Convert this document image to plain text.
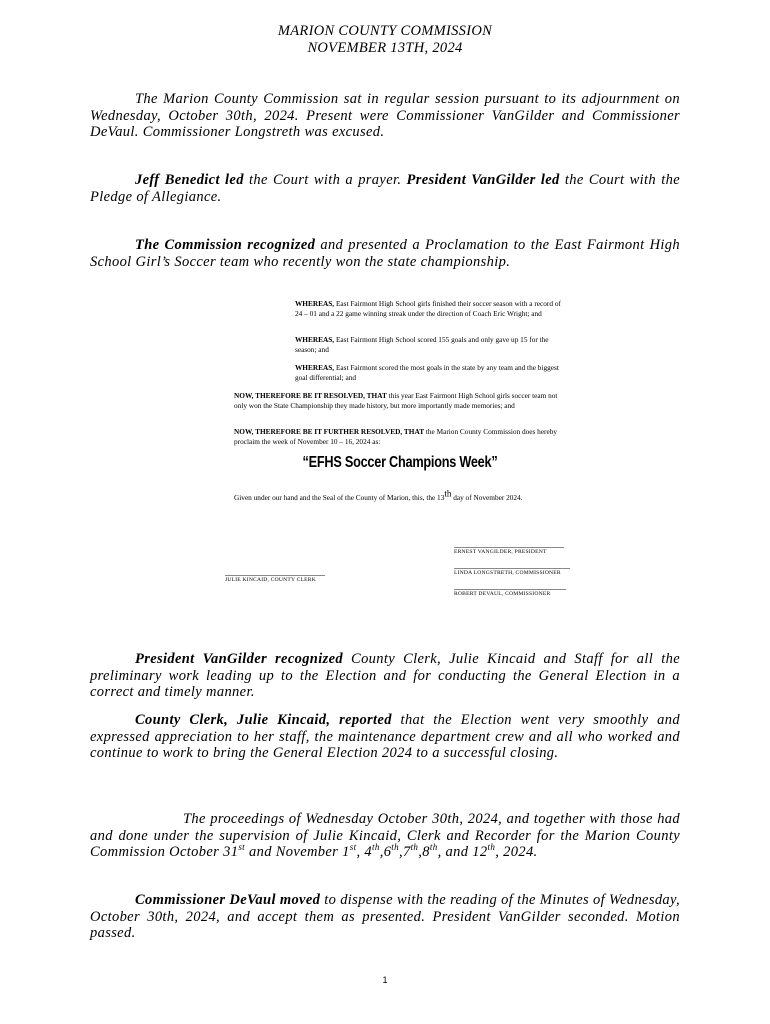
MARION COUNTY COMMISSION
NOVEMBER 13TH, 2024

The Marion County Commission sat in regular session pursuant to its adjournment on Wednesday, October 30th, 2024. Present were Commissioner VanGilder and Commissioner DeVaul. Commissioner Longstreth was excused.

Jeff Benedict led the Court with a prayer. President VanGilder led the Court with the Pledge of Allegiance.

The Commission recognized and presented a Proclamation to the East Fairmont High School Girl’s Soccer team who recently won the state championship.

WHEREAS, East Fairmont High School girls finished their soccer season with a record of 24 – 01 and a 22 game winning streak under the direction of Coach Eric Wright; and

WHEREAS, East Fairmont High School scored 155 goals and only gave up 15 for the season; and

WHEREAS, East Fairmont scored the most goals in the state by any team and the biggest goal differential; and

NOW, THEREFORE BE IT RESOLVED, THAT this year East Fairmont High School girls soccer team not only won the State Championship they made history, but more importantly made memories; and

NOW, THEREFORE BE IT FURTHER RESOLVED, THAT the Marion County Commission does hereby proclaim the week of November 10 – 16, 2024 as:

“EFHS Soccer Champions Week”

Given under our hand and the Seal of the County of Marion, this, the 13th day of November 2024.

ERNEST VANGILDER, PRESIDENT
LINDA LONGSTRETH, COMMISSIONER
JULIE KINCAID, COUNTY CLERK
ROBERT DEVAUL, COMMISSIONER

President VanGilder recognized County Clerk, Julie Kincaid and Staff for all the preliminary work leading up to the Election and for conducting the General Election in a correct and timely manner.

County Clerk, Julie Kincaid, reported that the Election went very smoothly and expressed appreciation to her staff, the maintenance department crew and all who worked and continue to work to bring the General Election 2024 to a successful closing.

The proceedings of Wednesday October 30th, 2024, and together with those had and done under the supervision of Julie Kincaid, Clerk and Recorder for the Marion County Commission October 31st and November 1st, 4th,6th,7th,8th, and 12th, 2024.

Commissioner DeVaul moved to dispense with the reading of the Minutes of Wednesday, October 30th, 2024, and accept them as presented. President VanGilder seconded. Motion passed.

1
